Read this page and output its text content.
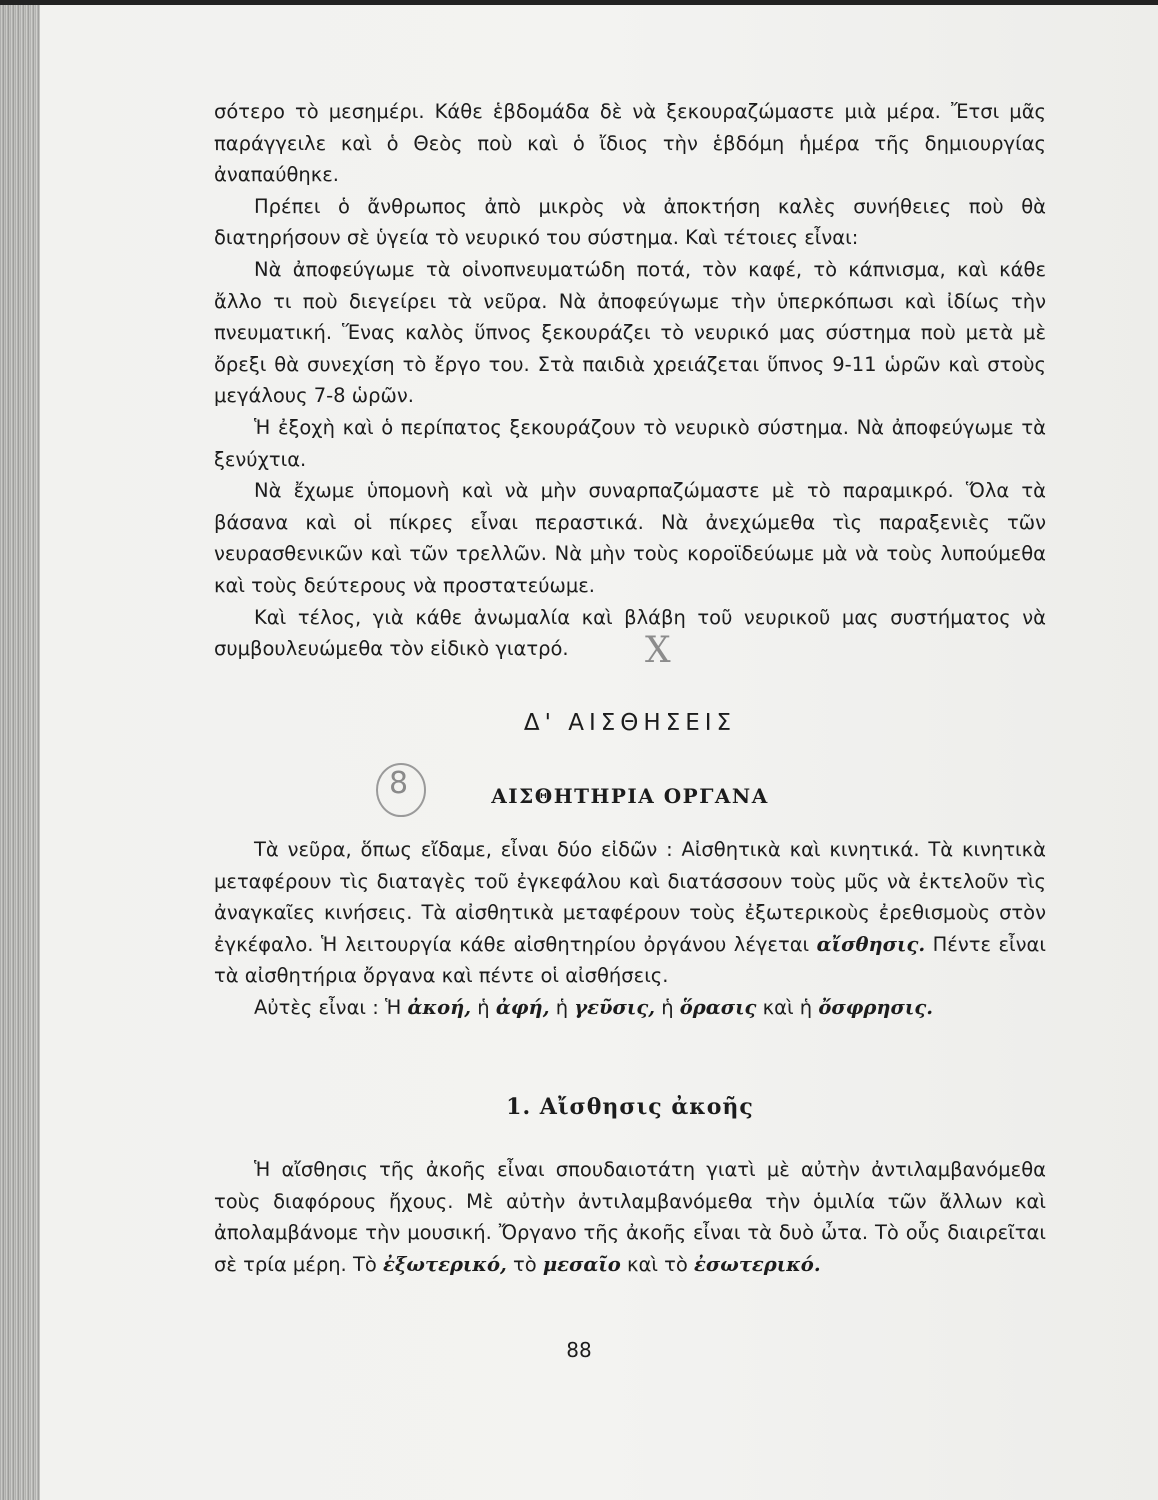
σότερο τὸ μεσημέρι. Κάθε ἑβδομάδα δὲ νὰ ξεκουραζώμαστε μιὰ μέρα. Ἔτσι μᾶς παράγγειλε καὶ ὁ Θεὸς ποὺ καὶ ὁ ἴδιος τὴν ἑβδόμη ἡμέρα τῆς δημιουργίας ἀναπαύθηκε.

Πρέπει ὁ ἄνθρωπος ἀπὸ μικρὸς νὰ ἀποκτήση καλὲς συνήθειες ποὺ θὰ διατηρήσουν σὲ ὑγεία τὸ νευρικό του σύστημα. Καὶ τέτοιες εἶναι:

Νὰ ἀποφεύγωμε τὰ οἰνοπνευματώδη ποτά, τὸν καφέ, τὸ κάπνισμα, καὶ κάθε ἄλλο τι ποὺ διεγείρει τὰ νεῦρα. Νὰ ἀποφεύγωμε τὴν ὑπερκόπωσι καὶ ἰδίως τὴν πνευματική. Ἕνας καλὸς ὕπνος ξεκουράζει τὸ νευρικό μας σύστημα ποὺ μετὰ μὲ ὄρεξι θὰ συνεχίση τὸ ἔργο του. Στὰ παιδιὰ χρειάζεται ὕπνος 9-11 ὡρῶν καὶ στοὺς μεγάλους 7-8 ὡρῶν.

Ἡ ἐξοχὴ καὶ ὁ περίπατος ξεκουράζουν τὸ νευρικὸ σύστημα. Νὰ ἀποφεύγωμε τὰ ξενύχτια.

Νὰ ἔχωμε ὑπομονὴ καὶ νὰ μὴν συναρπαζώμαστε μὲ τὸ παραμικρό. Ὅλα τὰ βάσανα καὶ οἱ πίκρες εἶναι περαστικά. Νὰ ἀνεχώμεθα τὶς παραξενιὲς τῶν νευρασθενικῶν καὶ τῶν τρελλῶν. Νὰ μὴν τοὺς κοροϊδεύωμε μὰ νὰ τοὺς λυπούμεθα καὶ τοὺς δεύτερους νὰ προστατεύωμε.

Καὶ τέλος, γιὰ κάθε ἀνωμαλία καὶ βλάβη τοῦ νευρικοῦ μας συστήματος νὰ συμβουλευώμεθα τὸν εἰδικὸ γιατρό.	X
Δ' ΑΙΣΘΗΣΕΙΣ
8	ΑΙΣΘΗΤΗΡΙΑ ΟΡΓΑΝΑ

Τὰ νεῦρα, ὅπως εἴδαμε, εἶναι δύο εἰδῶν : Αἰσθητικὰ καὶ κινητικά. Τὰ κινητικὰ μεταφέρουν τὶς διαταγὲς τοῦ ἐγκεφάλου καὶ διατάσσουν τοὺς μῦς νὰ ἐκτελοῦν τὶς ἀναγκαῖες κινήσεις. Τὰ αἰσθητικὰ μεταφέρουν τοὺς ἐξωτερικοὺς ἐρεθισμοὺς στὸν ἐγκέφαλο. Ἡ λειτουργία κάθε αἰσθητηρίου ὀργάνου λέγεται αἴσθησις. Πέντε εἶναι τὰ αἰσθητήρια ὄργανα καὶ πέντε οἱ αἰσθήσεις.

Αὐτὲς εἶναι : Ἡ ἀκοή, ἡ ἀφή, ἡ γεῦσις, ἡ ὅρασις καὶ ἡ ὄσφρησις.

1. Αἴσθησις ἀκοῆς

Ἡ αἴσθησις τῆς ἀκοῆς εἶναι σπουδαιοτάτη γιατὶ μὲ αὐτὴν ἀντιλαμβανόμεθα τοὺς διαφόρους ἤχους. Μὲ αὐτὴν ἀντιλαμβανόμεθα τὴν ὁμιλία τῶν ἄλλων καὶ ἀπολαμβάνομε τὴν μουσική. Ὄργανο τῆς ἀκοῆς εἶναι τὰ δυὸ ὦτα. Τὸ οὖς διαιρεῖται σὲ τρία μέρη. Τὸ ἐξωτερικό, τὸ μεσαῖο καὶ τὸ ἐσωτερικό.

88
